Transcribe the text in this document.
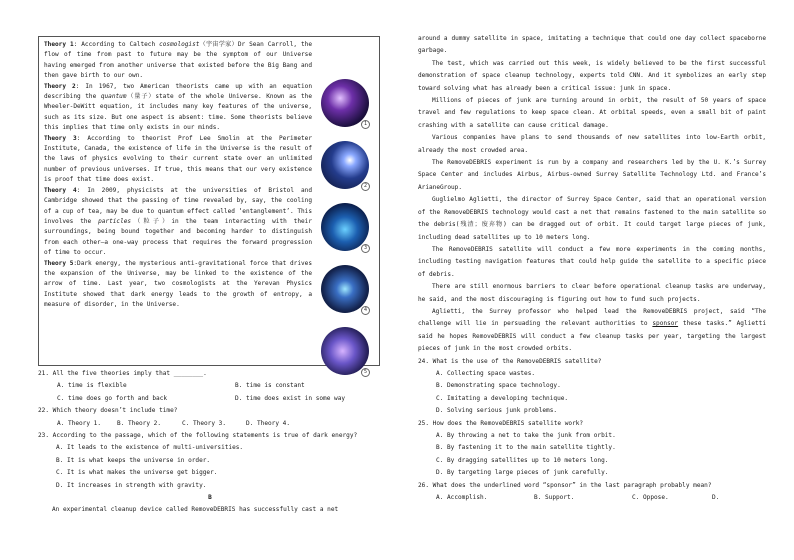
Theory 1: According to Caltech cosmologist（宇宙学家）Dr Sean Carroll, the flow of time from past to future may be the symptom of our Universe having emerged from another universe that existed before the Big Bang and then gave birth to our own.

Theory 2: In 1967, two American theorists came up with an equation describing the quantum（量子）state of the whole Universe. Known as the Wheeler-DeWitt equation, it includes many key features of the universe, such as its size. But one aspect is absent: time. Some theorists believe this implies that time only exists in our minds.

Theory 3: According to theorist Prof Lee Smolin at the Perimeter Institute, Canada, the existence of life in the Universe is the result of the laws of physics evolving to their current state over an unlimited number of previous universes. If true, this means that our very existence is proof that time does exist.

Theory 4: In 2009, physicists at the universities of Bristol and Cambridge showed that the passing of time revealed by, say, the cooling of a cup of tea, may be due to quantum effect called ‘entanglement’. This involves the particles（粒子）in the team interacting with their surroundings, being bound together and becoming harder to distinguish from each other—a one-way process that requires the forward progression of time to occur.

Theory 5:Dark energy, the mysterious anti-gravitational force that drives the expansion of the Universe, may be linked to the existence of the arrow of time. Last year, two cosmologists at the Yerevan Physics Institute showed that dark energy leads to the growth of entropy, a measure of disorder, in the Universe.

1
2
3
4
5

21. All the five theories imply that ________.

A. time is flexible	B. time is constant

C. time does go forth and back	D. time does exist in some way

22. Which theory doesn’t include time?

A. Theory 1.	B. Theory 2.	C. Theory 3.	D. Theory 4.

23. According to the passage, which of the following statements is true of dark energy?

A. It leads to the existence of multi-universities.

B. It is what keeps the universe in order.

C. It is what makes the universe get bigger.

D. It increases in strength with gravity.

B

An experimental cleanup device called RemoveDEBRIS has successfully cast a net

around a dummy satellite in space, imitating a technique that could one day collect spaceborne garbage.

The test, which was carried out this week, is widely believed to be the first successful demonstration of space cleanup technology, experts told CNN. And it symbolizes an early step toward solving what has already been a critical issue: junk in space.

Millions of pieces of junk are turning around in orbit, the result of 50 years of space travel and few regulations to keep space clean. At orbital speeds, even a small bit of paint crashing with a satellite can cause critical damage.

Various companies have plans to send thousands of new satellites into low-Earth orbit, already the most crowded area.

The RemoveDEBRIS experiment is run by a company and researchers led by the U. K.’s Surrey Space Center and includes Airbus, Airbus-owned Surrey Satellite Technology Ltd. and France’s ArianeGroup.

Guglielmo Aglietti, the director of Surrey Space Center, said that an operational version of the RemoveDEBRIS technology would cast a net that remains fastened to the main satellite so the debris(残渣；废弃物) can be dragged out of orbit. It could target large pieces of junk, including dead satellites up to 10 meters long.

The RemoveDEBRIS satellite will conduct a few more experiments in the coming months, including testing navigation features that could help guide the satellite to a specific piece of debris.

There are still enormous barriers to clear before operational cleanup tasks are underway, he said, and the most discouraging is figuring out how to fund such projects.

Aglietti, the Surrey professor who helped lead the RemoveDEBRIS project, said “The challenge will lie in persuading the relevant authorities to sponsor these tasks.” Aglietti said he hopes RemoveDEBRIS will conduct a few cleanup tasks per year, targeting the largest pieces of junk in the most crowded orbits.

24. What is the use of the RemoveDEBRIS satellite?

A. Collecting space wastes.

B. Demonstrating space technology.

C. Imitating a developing technique.

D. Solving serious junk problems.

25. How does the RemoveDEBRIS satellite work?

A. By throwing a net to take the junk from orbit.

B. By fastening it to the main satellite tightly.

C. By dragging satellites up to 10 meters long.

D. By targeting large pieces of junk carefully.

26. What does the underlined word “sponsor” in the last paragraph probably mean?

A. Accomplish.	B. Support.	C. Oppose.	D.
